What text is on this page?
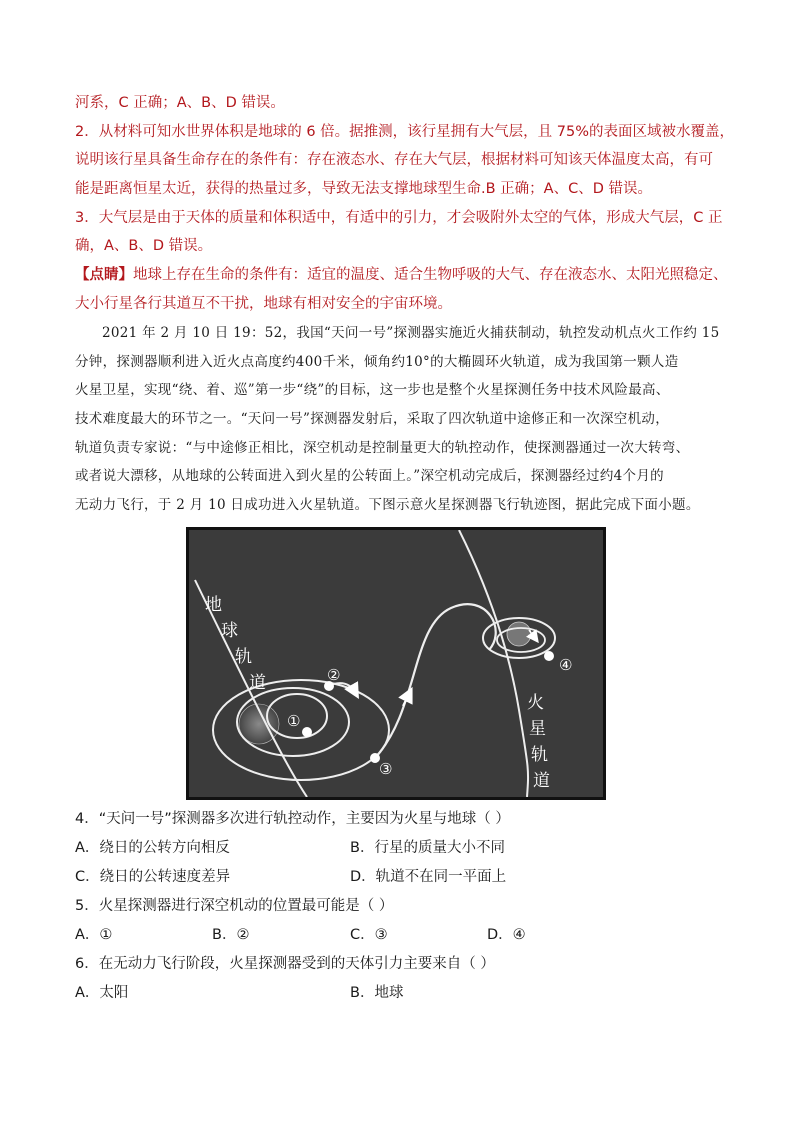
河系，C 正确；A、B、D 错误。
2．从材料可知水世界体积是地球的 6 倍。据推测，该行星拥有大气层，且 75%的表面区域被水覆盖，
说明该行星具备生命存在的条件有：存在液态水、存在大气层，根据材料可知该天体温度太高，有可
能是距离恒星太近，获得的热量过多，导致无法支撑地球型生命.B 正确；A、C、D 错误。
3．大气层是由于天体的质量和体积适中，有适中的引力，才会吸附外太空的气体，形成大气层，C 正
确，A、B、D 错误。
【点睛】地球上存在生命的条件有：适宜的温度、适合生物呼吸的大气、存在液态水、太阳光照稳定、
大小行星各行其道互不干扰，地球有相对安全的宇宙环境。
2021 年 2 月 10 日 19：52，我国“天问一号”探测器实施近火捕获制动，轨控发动机点火工作约 15
分钟，探测器顺利进入近火点高度约400千米，倾角约10°的大椭圆环火轨道，成为我国第一颗人造
火星卫星，实现“绕、着、巡”第一步“绕”的目标，这一步也是整个火星探测任务中技术风险最高、
技术难度最大的环节之一。“天问一号”探测器发射后，采取了四次轨道中途修正和一次深空机动，
轨道负责专家说：“与中途修正相比，深空机动是控制量更大的轨控动作，使探测器通过一次大转弯、
或者说大漂移，从地球的公转面进入到火星的公转面上。”深空机动完成后，探测器经过约4个月的
无动力飞行，于 2 月 10 日成功进入火星轨道。下图示意火星探测器飞行轨迹图，据此完成下面小题。
①
②
③
④
地
球
轨
道
火
星
轨
道
4．“天问一号”探测器多次进行轨控动作，主要因为火星与地球（ ）
A．绕日的公转方向相反	B．行星的质量大小不同
C．绕日的公转速度差异	D．轨道不在同一平面上
5．火星探测器进行深空机动的位置最可能是（ ）
A．①	B．②	C．③	D．④
6．在无动力飞行阶段，火星探测器受到的天体引力主要来自（ ）
A．太阳	B．地球
